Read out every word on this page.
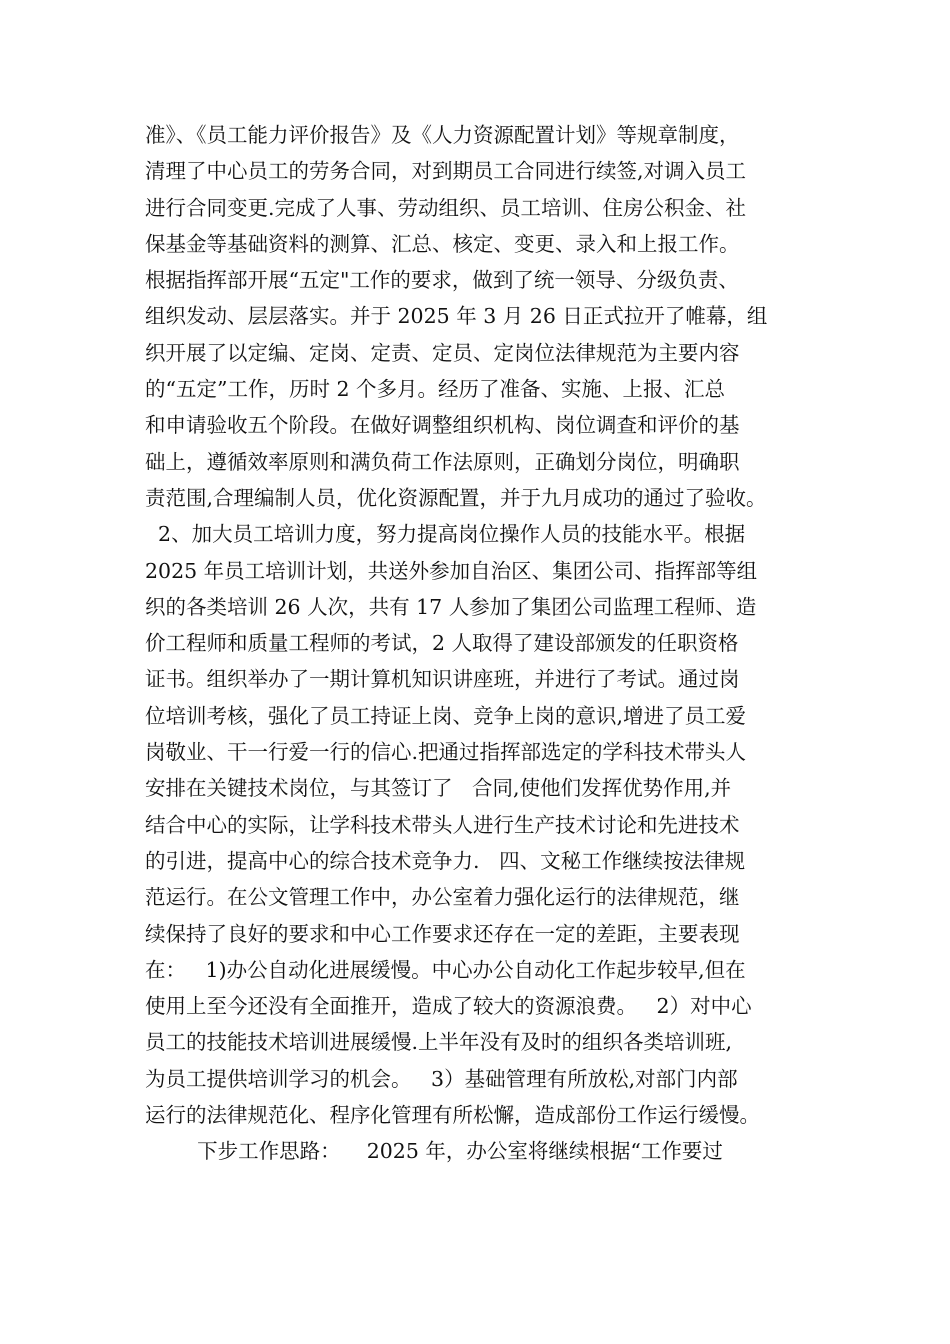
准》、《员工能力评价报告》及《人力资源配置计划》等规章制度，
清理了中心员工的劳务合同，对到期员工合同进行续签,对调入员工
进行合同变更.完成了人事、劳动组织、员工培训、住房公积金、社
保基金等基础资料的测算、汇总、核定、变更、录入和上报工作。
根据指挥部开展“五定"工作的要求，做到了统一领导、分级负责、
组织发动、层层落实。并于 2025 年 3 月 26 日正式拉开了帷幕，组
织开展了以定编、定岗、定责、定员、定岗位法律规范为主要内容
的“五定”工作，历时 2 个多月。经历了准备、实施、上报、汇总
和申请验收五个阶段。在做好调整组织机构、岗位调查和评价的基
础上，遵循效率原则和满负荷工作法原则，正确划分岗位，明确职
责范围,合理编制人员，优化资源配置，并于九月成功的通过了验收。
2、加大员工培训力度，努力提高岗位操作人员的技能水平。根据
2025 年员工培训计划，共送外参加自治区、集团公司、指挥部等组
织的各类培训 26 人次，共有 17 人参加了集团公司监理工程师、造
价工程师和质量工程师的考试，2 人取得了建设部颁发的任职资格
证书。组织举办了一期计算机知识讲座班，并进行了考试。通过岗
位培训考核，强化了员工持证上岗、竞争上岗的意识,增进了员工爱
岗敬业、干一行爱一行的信心.把通过指挥部选定的学科技术带头人
安排在关键技术岗位，与其签订了   合同,使他们发挥优势作用,并
结合中心的实际，让学科技术带头人进行生产技术讨论和先进技术
的引进，提高中心的综合技术竞争力.   四、文秘工作继续按法律规
范运行。在公文管理工作中，办公室着力强化运行的法律规范，继
续保持了良好的要求和中心工作要求还存在一定的差距，主要表现
在：   1)办公自动化进展缓慢。中心办公自动化工作起步较早,但在
使用上至今还没有全面推开，造成了较大的资源浪费。   2）对中心
员工的技能技术培训进展缓慢.上半年没有及时的组织各类培训班,
为员工提供培训学习的机会。   3）基础管理有所放松,对部门内部
运行的法律规范化、程序化管理有所松懈，造成部份工作运行缓慢。
下步工作思路：    2025 年，办公室将继续根据“工作要过
